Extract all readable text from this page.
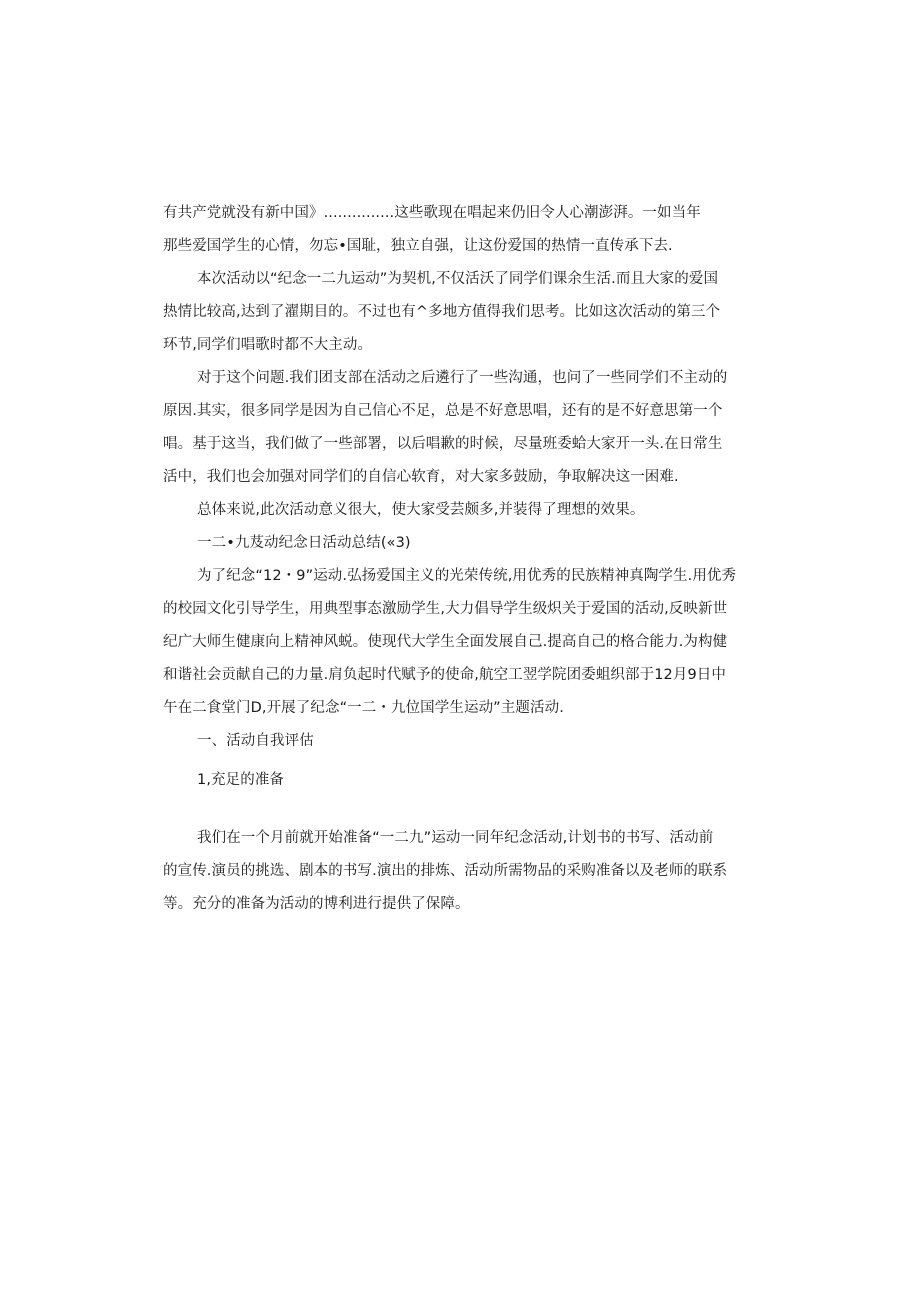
有共产党就没有新中国》...............这些歌现在唱起来仍旧令人心潮澎湃。一如当年
那些爱国学生的心情，勿忘•国耻，独立自强，让这份爱国的热情一直传承下去.
本次活动以“纪念一二九运动”为契机,不仅活沃了同学们课余生活.而且大家的爱国
热情比较高,达到了濯期目的。不过也有^多地方值得我们思考。比如这次活动的第三个
环节,同学们唱歌时都不大主动。
对于这个问题.我们团支部在活动之后遴行了一些沟通，也问了一些同学们不主动的
原因.其实，很多同学是因为自己信心不足，总是不好意思唱，还有的是不好意思第一个
唱。基于这当，我们做了一些部署，以后唱歉的时候，尽量班委蛤大家开一头.在日常生
活中，我们也会加强对同学们的自信心软育，对大家多鼓励，争取解决这一困难.
总体来说,此次活动意义很大，使大家受芸颇多,并装得了理想的效果。
一二•九芨动纪念日活动总结(«3)
为了纪念“12・9”运动.弘扬爱国主义的光荣传统,用优秀的民族精神真陶学生.用优秀
的校园文化引导学生，用典型事态激励学生,大力倡导学生级炽关于爱国的活动,反映新世
纪广大师生健康向上精神风蜕。使现代大学生全面发展自己.提高自己的格合能力.为构健
和谐社会贡献自己的力量.肩负起时代赋予的使命,航空工翌学院团委蛆织部于12月9日中
午在二食堂门D,开展了纪念“一二・九位国学生运动”主题活动.
一、活动自我评估
1,充足的准备
我们在一个月前就开始准备“一二九”运动一同年纪念活动,计划书的书写、活动前
的宣传.演员的挑选、剧本的书写.演出的排炼、活动所需物品的采购准备以及老师的联系
等。充分的准备为活动的博利进行提供了保障。
